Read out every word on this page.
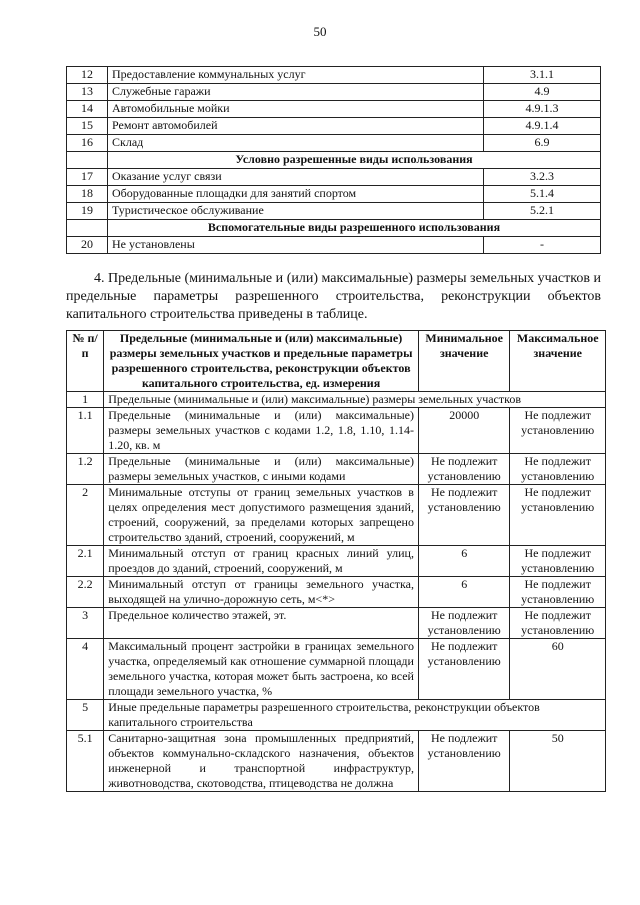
50
12	Предоставление коммунальных услуг	3.1.1
13	Служебные гаражи	4.9
14	Автомобильные мойки	4.9.1.3
15	Ремонт автомобилей	4.9.1.4
16	Склад	6.9
	Условно разрешенные виды использования	
17	Оказание услуг связи	3.2.3
18	Оборудованные площадки для занятий спортом	5.1.4
19	Туристическое обслуживание	5.2.1
	Вспомогательные виды разрешенного использования	
20	Не установлены	-

4. Предельные (минимальные и (или) максимальные) размеры земельных участков и предельные параметры разрешенного строительства, реконструкции объектов капитального строительства приведены в таблице.

№ п/п	Предельные (минимальные и (или) максимальные) размеры земельных участков и предельные параметры разрешенного строительства, реконструкции объектов капитального строительства, ед. измерения	Минимальное значение	Максимальное значение
1	Предельные (минимальные и (или) максимальные) размеры земельных участков		
1.1	Предельные (минимальные и (или) максимальные) размеры земельных участков с кодами 1.2, 1.8, 1.10, 1.14-1.20, кв. м	20000	Не подлежит установлению
1.2	Предельные (минимальные и (или) максимальные) размеры земельных участков, с иными кодами	Не подлежит установлению	Не подлежит установлению
2	Минимальные отступы от границ земельных участков в целях определения мест допустимого размещения зданий, строений, сооружений, за пределами которых запрещено строительство зданий, строений, сооружений, м	Не подлежит установлению	Не подлежит установлению
2.1	Минимальный отступ от границ красных линий улиц, проездов до зданий, строений, сооружений, м	6	Не подлежит установлению
2.2	Минимальный отступ от границы земельного участка, выходящей на улично-дорожную сеть, м<*>	6	Не подлежит установлению
3	Предельное количество этажей, эт.	Не подлежит установлению	Не подлежит установлению
4	Максимальный процент застройки в границах земельного участка, определяемый как отношение суммарной площади земельного участка, которая может быть застроена, ко всей площади земельного участка, %	Не подлежит установлению	60
5	Иные предельные параметры разрешенного строительства, реконструкции объектов капитального строительства		
5.1	Санитарно-защитная зона промышленных предприятий, объектов коммунально-складского назначения, объектов инженерной и транспортной инфраструктур, животноводства, скотоводства, птицеводства не должна	Не подлежит установлению	50
